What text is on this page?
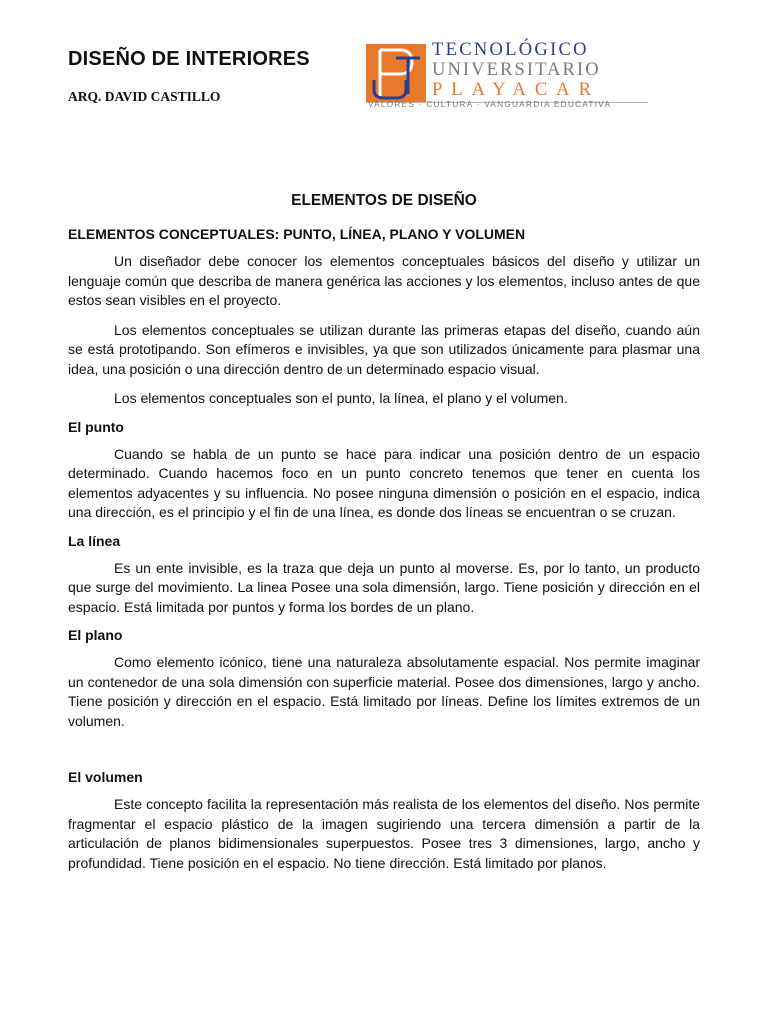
DISEÑO DE INTERIORES
ARQ. DAVID CASTILLO
TECNOLÓGICO
UNIVERSITARIO
PLAYACAR
VALORES · CULTURA · VANGUARDIA EDUCATIVA
ELEMENTOS DE DISEÑO
ELEMENTOS CONCEPTUALES: PUNTO, LÍNEA, PLANO Y VOLUMEN

Un diseñador debe conocer los elementos conceptuales básicos del diseño y utilizar un lenguaje común que describa de manera genérica las acciones y los elementos, incluso antes de que estos sean visibles en el proyecto.

Los elementos conceptuales se utilizan durante las primeras etapas del diseño, cuando aún se está prototipando. Son efímeros e invisibles, ya que son utilizados únicamente para plasmar una idea, una posición o una dirección dentro de un determinado espacio visual.

Los elementos conceptuales son el punto, la línea, el plano y el volumen.

El punto

Cuando se habla de un punto se hace para indicar una posición dentro de un espacio determinado. Cuando hacemos foco en un punto concreto tenemos que tener en cuenta los elementos adyacentes y su influencia. No posee ninguna dimensión o posición en el espacio, indica una dirección, es el principio y el fin de una línea, es donde dos líneas se encuentran o se cruzan.

La línea

Es un ente invisible, es la traza que deja un punto al moverse. Es, por lo tanto, un producto que surge del movimiento. La linea Posee una sola dimensión, largo. Tiene posición y dirección en el espacio. Está limitada por puntos y forma los bordes de un plano.

El plano

Como elemento icónico, tiene una naturaleza absolutamente espacial. Nos permite imaginar un contenedor de una sola dimensión con superficie material. Posee dos dimensiones, largo y ancho. Tiene posición y dirección en el espacio. Está limitado por líneas. Define los límites extremos de un volumen.

El volumen

Este concepto facilita la representación más realista de los elementos del diseño. Nos permite fragmentar el espacio plástico de la imagen sugiriendo una tercera dimensión a partir de la articulación de planos bidimensionales superpuestos. Posee tres 3 dimensiones, largo, ancho y profundidad. Tiene posición en el espacio. No tiene dirección. Está limitado por planos.
